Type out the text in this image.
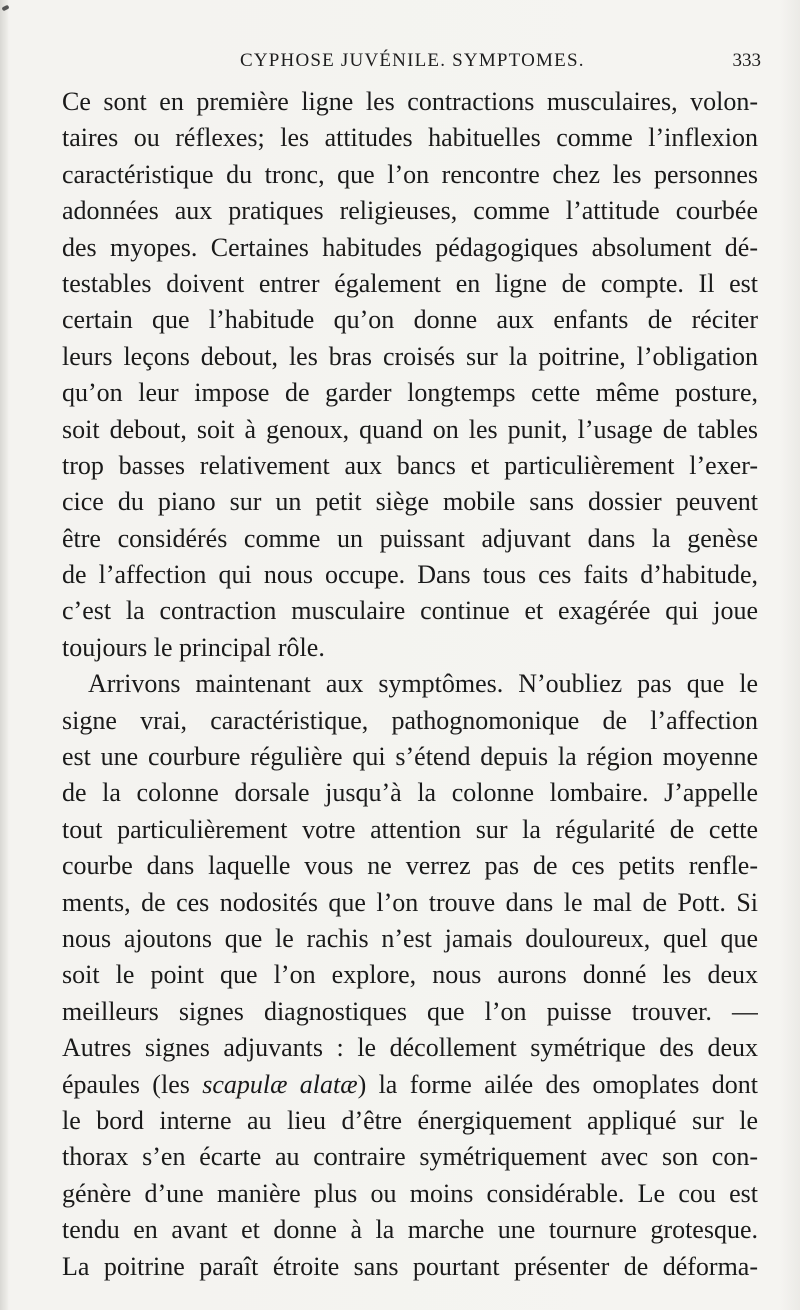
CYPHOSE JUVÉNILE. SYMPTOMES.	333
Ce sont en première ligne les contractions musculaires, volon-
taires ou réflexes; les attitudes habituelles comme l’inflexion
caractéristique du tronc, que l’on rencontre chez les personnes
adonnées aux pratiques religieuses, comme l’attitude courbée
des myopes. Certaines habitudes pédagogiques absolument dé-
testables doivent entrer également en ligne de compte. Il est
certain que l’habitude qu’on donne aux enfants de réciter
leurs leçons debout, les bras croisés sur la poitrine, l’obligation
qu’on leur impose de garder longtemps cette même posture,
soit debout, soit à genoux, quand on les punit, l’usage de tables
trop basses relativement aux bancs et particulièrement l’exer-
cice du piano sur un petit siège mobile sans dossier peuvent
être considérés comme un puissant adjuvant dans la genèse
de l’affection qui nous occupe. Dans tous ces faits d’habitude,
c’est la contraction musculaire continue et exagérée qui joue
toujours le principal rôle.
Arrivons maintenant aux symptômes. N’oubliez pas que le
signe vrai, caractéristique, pathognomonique de l’affection
est une courbure régulière qui s’étend depuis la région moyenne
de la colonne dorsale jusqu’à la colonne lombaire. J’appelle
tout particulièrement votre attention sur la régularité de cette
courbe dans laquelle vous ne verrez pas de ces petits renfle-
ments, de ces nodosités que l’on trouve dans le mal de Pott. Si
nous ajoutons que le rachis n’est jamais douloureux, quel que
soit le point que l’on explore, nous aurons donné les deux
meilleurs signes diagnostiques que l’on puisse trouver. —
Autres signes adjuvants : le décollement symétrique des deux
épaules (les scapulæ alatæ) la forme ailée des omoplates dont
le bord interne au lieu d’être énergiquement appliqué sur le
thorax s’en écarte au contraire symétriquement avec son con-
génère d’une manière plus ou moins considérable. Le cou est
tendu en avant et donne à la marche une tournure grotesque.
La poitrine paraît étroite sans pourtant présenter de déforma-
